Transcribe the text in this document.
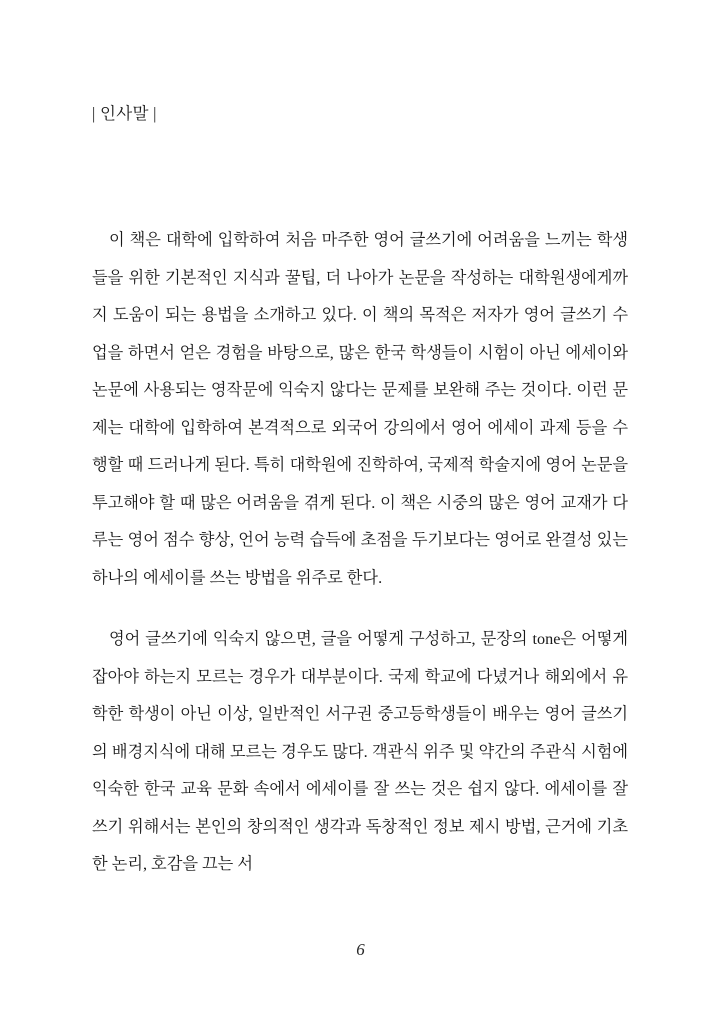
| 인사말 |

이 책은 대학에 입학하여 처음 마주한 영어 글쓰기에 어려움을 느끼는 학생들을 위한 기본적인 지식과 꿀팁, 더 나아가 논문을 작성하는 대학원생에게까지 도움이 되는 용법을 소개하고 있다. 이 책의 목적은 저자가 영어 글쓰기 수업을 하면서 얻은 경험을 바탕으로, 많은 한국 학생들이 시험이 아닌 에세이와 논문에 사용되는 영작문에 익숙지 않다는 문제를 보완해 주는 것이다. 이런 문제는 대학에 입학하여 본격적으로 외국어 강의에서 영어 에세이 과제 등을 수행할 때 드러나게 된다. 특히 대학원에 진학하여, 국제적 학술지에 영어 논문을 투고해야 할 때 많은 어려움을 겪게 된다. 이 책은 시중의 많은 영어 교재가 다루는 영어 점수 향상, 언어 능력 습득에 초점을 두기보다는 영어로 완결성 있는 하나의 에세이를 쓰는 방법을 위주로 한다.

영어 글쓰기에 익숙지 않으면, 글을 어떻게 구성하고, 문장의 tone은 어떻게 잡아야 하는지 모르는 경우가 대부분이다. 국제 학교에 다녔거나 해외에서 유학한 학생이 아닌 이상, 일반적인 서구권 중고등학생들이 배우는 영어 글쓰기의 배경지식에 대해 모르는 경우도 많다. 객관식 위주 및 약간의 주관식 시험에 익숙한 한국 교육 문화 속에서 에세이를 잘 쓰는 것은 쉽지 않다. 에세이를 잘 쓰기 위해서는 본인의 창의적인 생각과 독창적인 정보 제시 방법, 근거에 기초한 논리, 호감을 끄는 서

6
